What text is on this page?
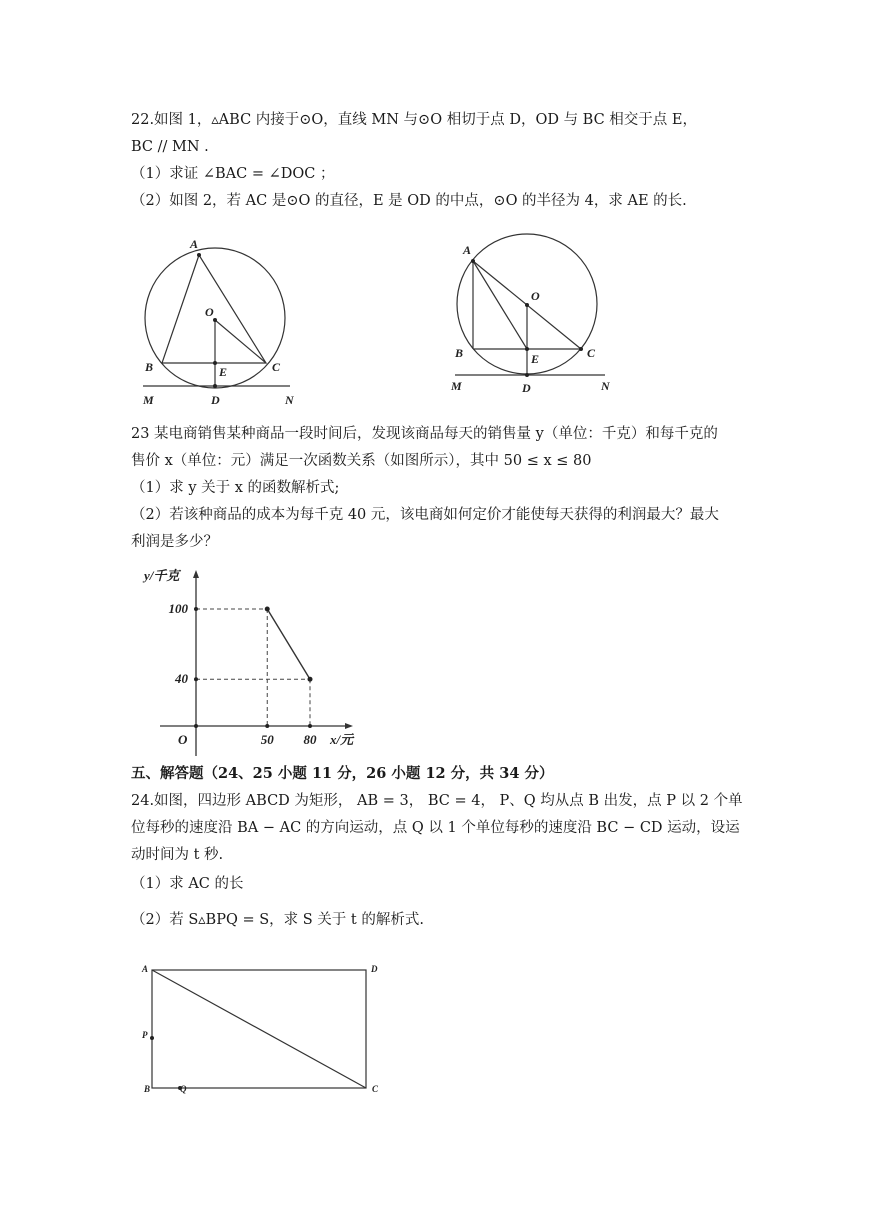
22.如图 1，▵ABC 内接于⊙O，直线 MN 与⊙O 相切于点 D，OD 与 BC 相交于点 E，
BC // MN .
（1）求证 ∠BAC = ∠DOC ；
（2）如图 2，若 AC 是⊙O 的直径，E 是 OD 的中点，⊙O 的半径为 4，求 AE 的长.
A
O
B	E	C
M	D	N
A
O
B	E	C
M	D	N
23 某电商销售某种商品一段时间后，发现该商品每天的销售量 y（单位：千克）和每千克的
售价 x（单位：元）满足一次函数关系（如图所示），其中 50 ≤ x ≤ 80
（1）求 y 关于 x 的函数解析式;
（2）若该种商品的成本为每千克 40 元，该电商如何定价才能使每天获得的利润最大？最大
利润是多少？
y/千克
x/元
O
100
50
40
80
五、解答题（24、25 小题 11 分，26 小题 12 分，共 34 分）
24.如图，四边形 ABCD 为矩形， AB = 3， BC = 4， P、Q 均从点 B 出发，点 P 以 2 个单
位每秒的速度沿 BA − AC 的方向运动，点 Q 以 1 个单位每秒的速度沿 BC − CD 运动，设运
动时间为 t 秒.
（1）求 AC 的长
（2）若 S▵BPQ = S，求 S 关于 t 的解析式.
A	D
P
B	Q	C
